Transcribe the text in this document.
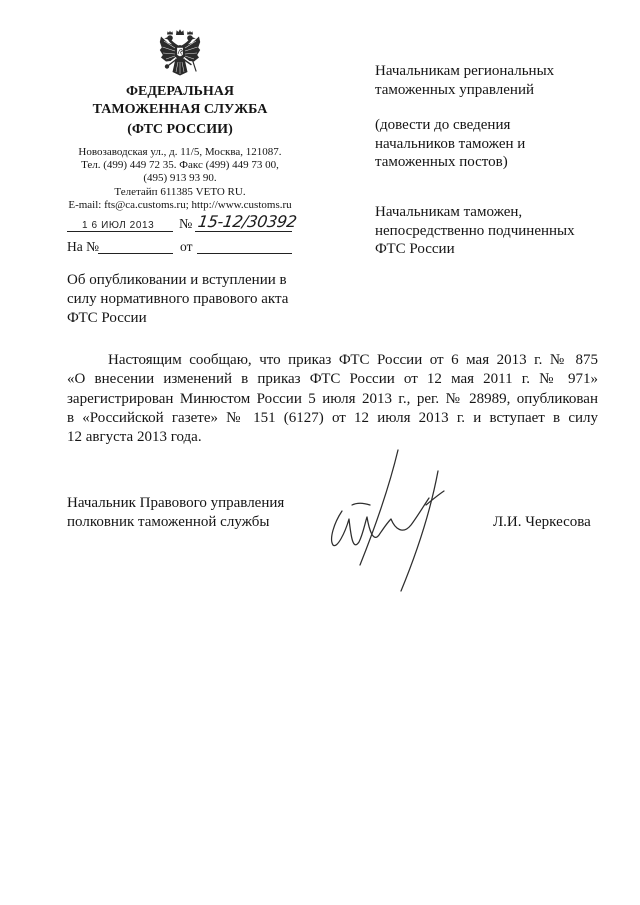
ФЕДЕРАЛЬНАЯ
ТАМОЖЕННАЯ СЛУЖБА
(ФТС РОССИИ)
Новозаводская ул., д. 11/5, Москва, 121087.
Тел. (499) 449 72 35. Факс (499) 449 73 00,
(495) 913 93 90.
Телетайп 611385 VETO RU.
E-mail: fts@ca.customs.ru; http://www.customs.ru
1 6 ИЮЛ 2013 № 15-12/30392
На №	от
Об опубликовании и вступлении в
силу нормативного правового акта
ФТС России
Начальникам региональных
таможенных управлений
(довести до сведения
начальников таможен и
таможенных постов)
Начальникам таможен,
непосредственно подчиненных
ФТС России
Настоящим сообщаю, что приказ ФТС России от 6 мая 2013 г. № 875
«О внесении изменений в приказ ФТС России от 12 мая 2011 г. № 971»
зарегистрирован Минюстом России 5 июля 2013 г., рег. № 28989, опубликован
в «Российской газете» № 151 (6127) от 12 июля 2013 г. и вступает в силу
12 августа 2013 года.
Начальник Правового управления
полковник таможенной службы	Л.И. Черкесова
